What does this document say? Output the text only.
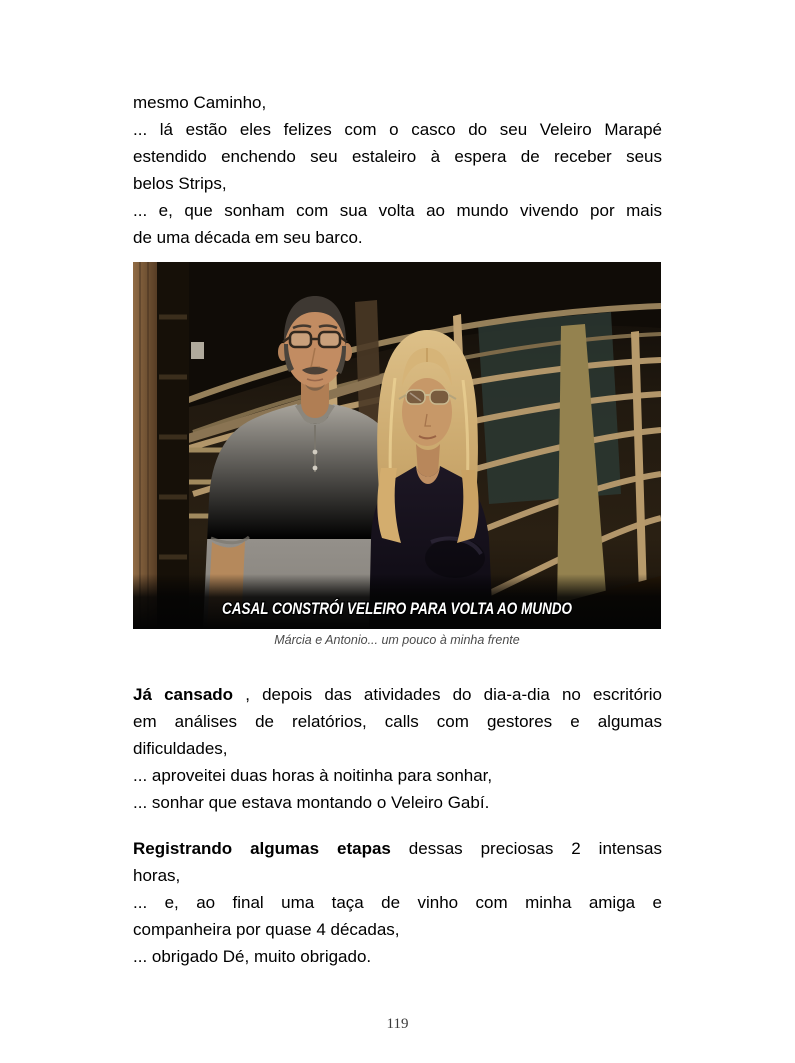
mesmo Caminho,
... lá estão eles felizes com o casco do seu Veleiro Marapé
estendido enchendo seu estaleiro à espera de receber seus
belos Strips,
... e, que sonham com sua volta ao mundo vivendo por mais
de uma década em seu barco.
CASAL CONSTRÓI VELEIRO PARA VOLTA AO MUNDO
Márcia e Antonio... um pouco à minha frente
Já cansado , depois das atividades do dia-a-dia no escritório
em análises de relatórios, calls com gestores e algumas
dificuldades,
... aproveitei duas horas à noitinha para sonhar,
... sonhar que estava montando o Veleiro Gabí.
Registrando algumas etapas dessas preciosas 2 intensas
horas,
... e, ao final uma taça de vinho com minha amiga e
companheira por quase 4 décadas,
... obrigado Dé, muito obrigado.
119
